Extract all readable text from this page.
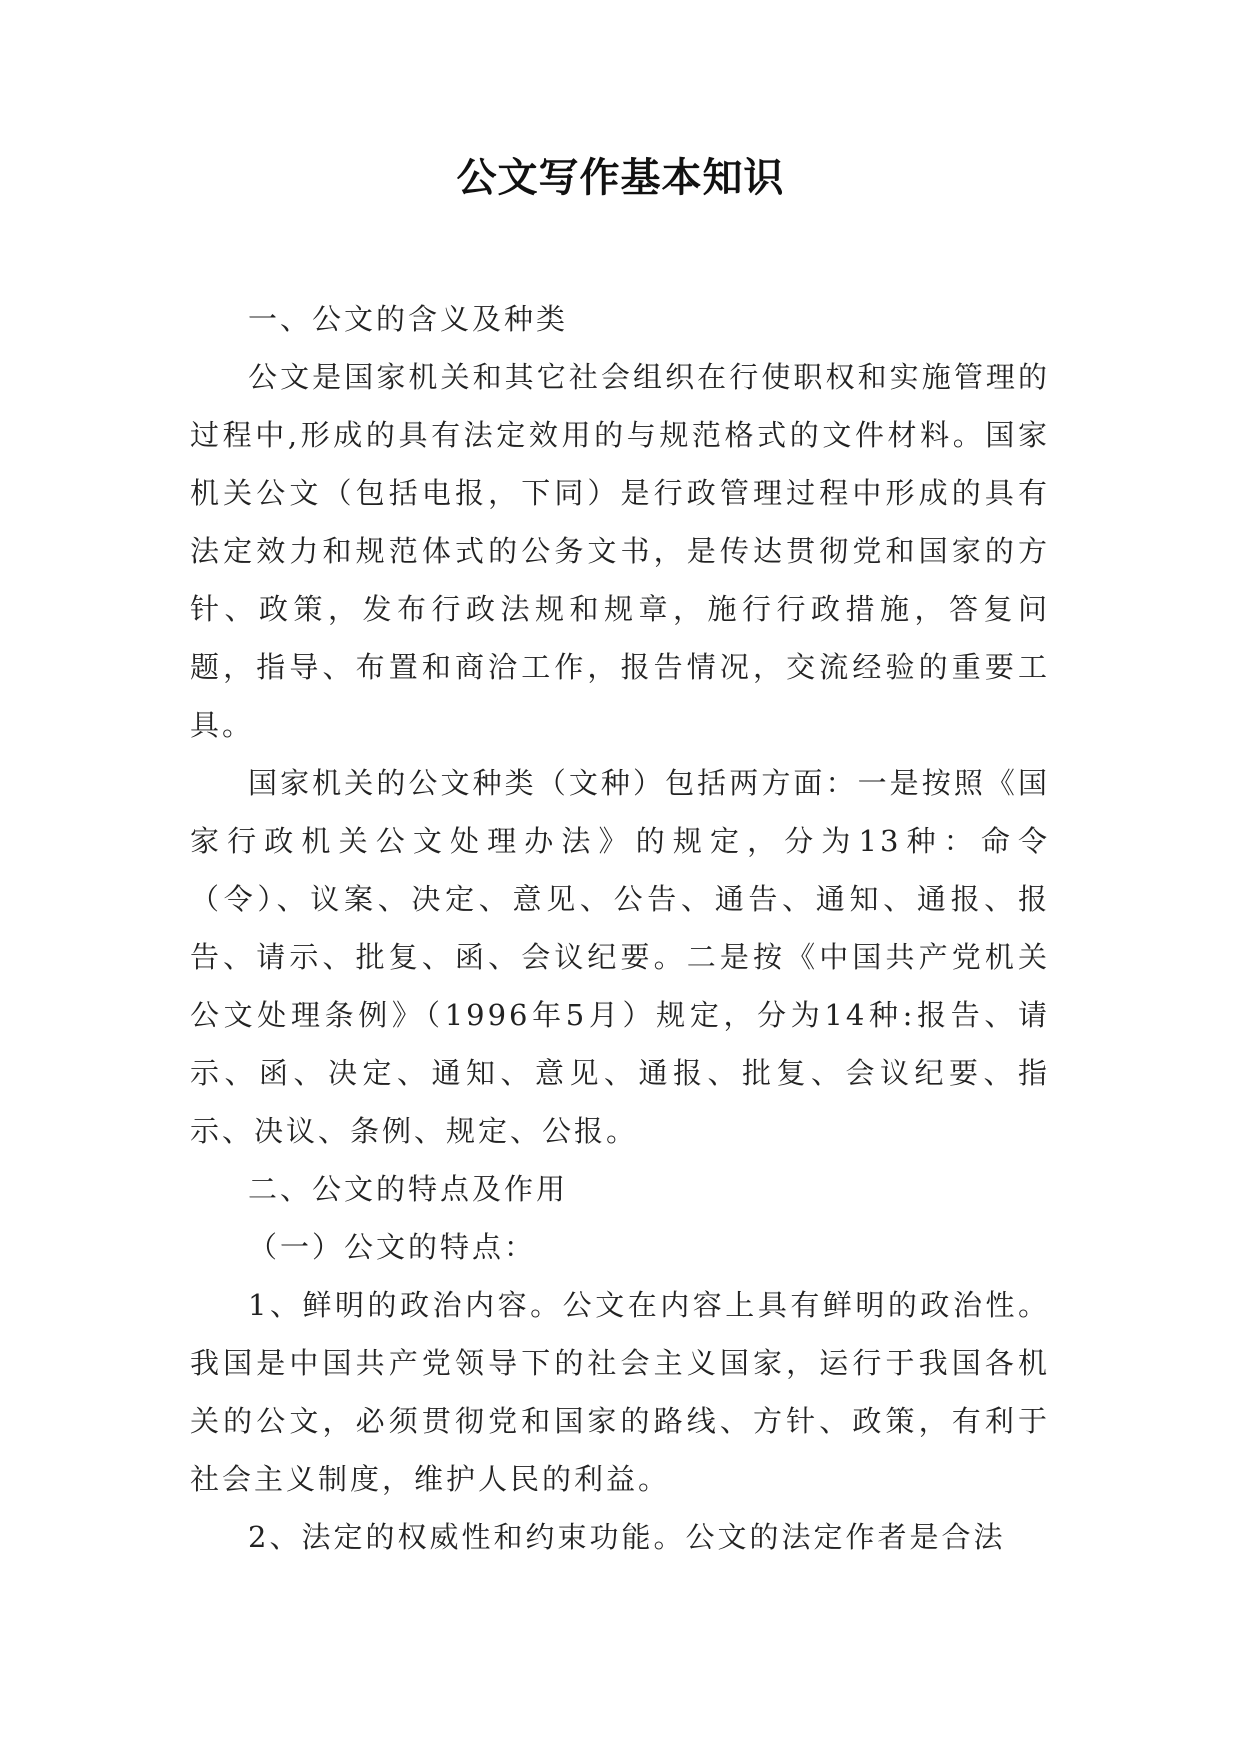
公文写作基本知识

一、公文的含义及种类

公文是国家机关和其它社会组织在行使职权和实施管理的过程中,形成的具有法定效用的与规范格式的文件材料。国家机关公文（包括电报，下同）是行政管理过程中形成的具有法定效力和规范体式的公务文书，是传达贯彻党和国家的方针、政策，发布行政法规和规章，施行行政措施，答复问题，指导、布置和商洽工作，报告情况，交流经验的重要工具。

国家机关的公文种类（文种）包括两方面：一是按照《国家行政机关公文处理办法》的规定，分为13种：命令（令）、议案、决定、意见、公告、通告、通知、通报、报告、请示、批复、函、会议纪要。二是按《中国共产党机关公文处理条例》（1996年5月）规定，分为14种:报告、请示、函、决定、通知、意见、通报、批复、会议纪要、指示、决议、条例、规定、公报。

二、公文的特点及作用

（一）公文的特点：

1、鲜明的政治内容。公文在内容上具有鲜明的政治性。我国是中国共产党领导下的社会主义国家，运行于我国各机关的公文，必须贯彻党和国家的路线、方针、政策，有利于社会主义制度，维护人民的利益。

2、法定的权威性和约束功能。公文的法定作者是合法
